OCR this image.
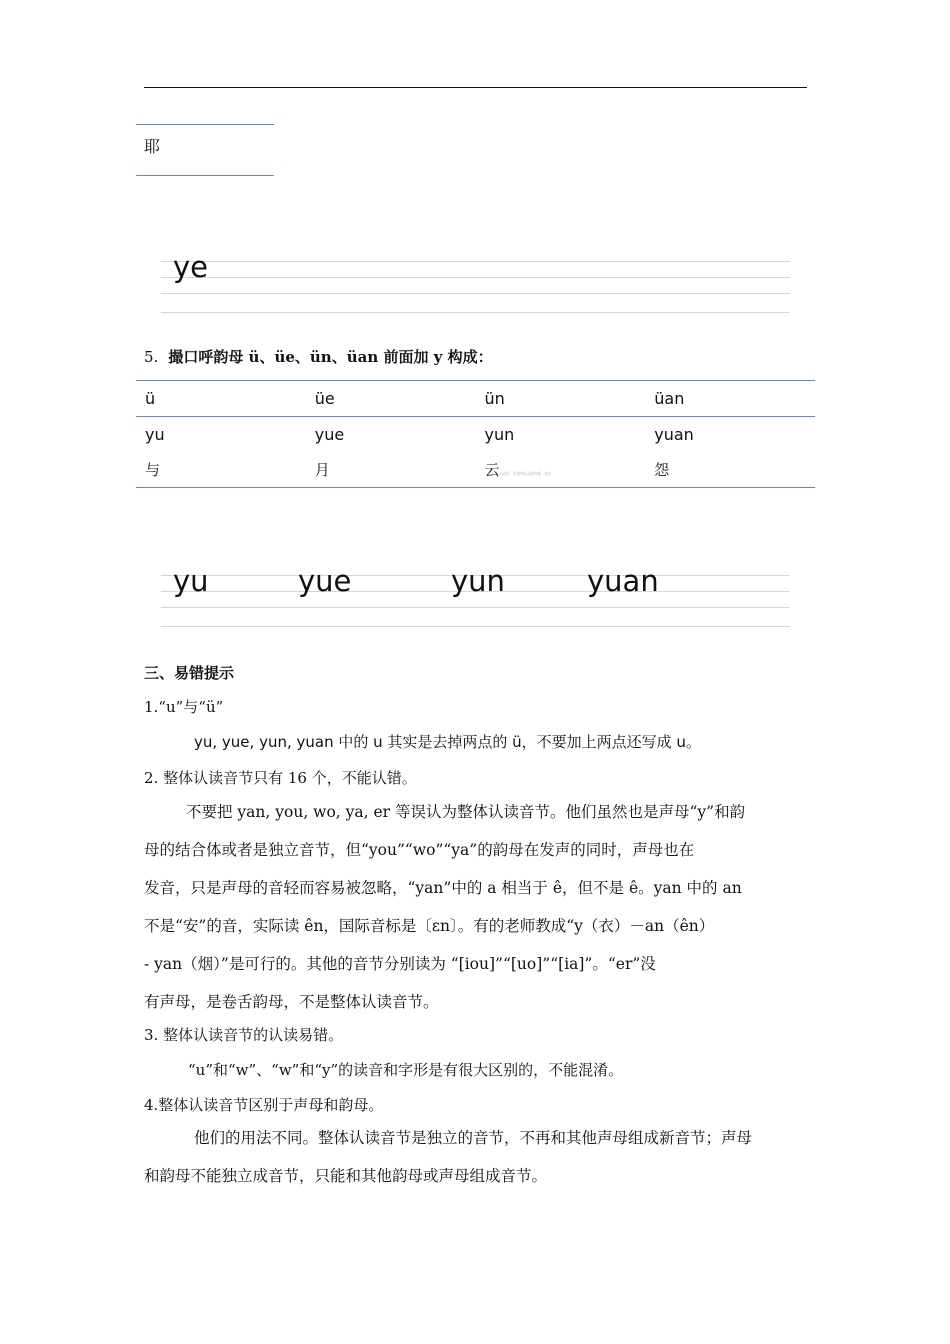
耶
ye
5. 撮口呼韵母 ü、üe、ün、üan 前面加 y 构成：
ü	üe	ün	üan
yu	yue	yun	yuan
与	月	云(词语：形容如云似的雾一般)	怨
yu	yue	yun	yuan
三、易错提示
1.“u”与“ü”
yu, yue, yun, yuan 中的 u 其实是去掉两点的 ü，不要加上两点还写成 u。
2. 整体认读音节只有 16 个，不能认错。

不要把 yan, you, wo, ya, er 等误认为整体认读音节。他们虽然也是声母“y”和韵

母的结合体或者是独立音节，但“you”“wo”“ya”的韵母在发声的同时，声母也在

发音，只是声母的音轻而容易被忽略，“yan”中的 a 相当于 ê，但不是 ê。yan 中的 an

不是“安”的音，实际读 ên，国际音标是〔εn〕。有的老师教成“y（衣）－an（ên）

- yan（烟）”是可行的。其他的音节分别读为 “[iou]”“[uo]”“[ia]”。“er”没

有声母，是卷舌韵母，不是整体认读音节。

3. 整体认读音节的认读易错。
“u”和“w”、“w”和“y”的读音和字形是有很大区别的，不能混淆。
4.整体认读音节区别于声母和韵母。

他们的用法不同。整体认读音节是独立的音节，不再和其他声母组成新音节；声母

和韵母不能独立成音节，只能和其他韵母或声母组成音节。
